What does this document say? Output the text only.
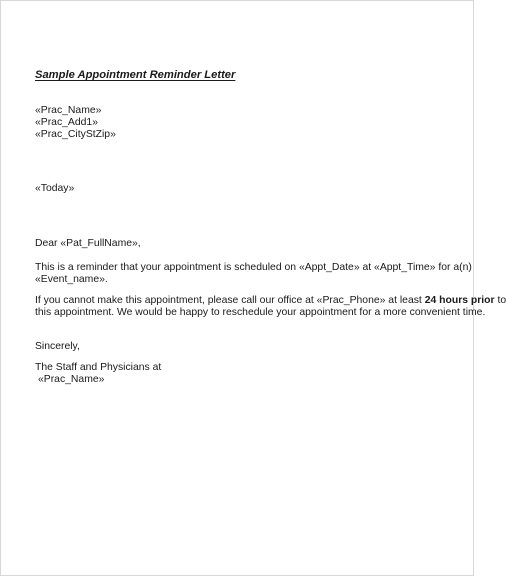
Sample Appointment Reminder Letter
«Prac_Name»
«Prac_Add1»
«Prac_CityStZip»
«Today»
Dear «Pat_FullName»,
This is a reminder that your appointment is scheduled on «Appt_Date» at «Appt_Time» for a(n)
«Event_name».
If you cannot make this appointment, please call our office at «Prac_Phone» at least 24 hours prior to
this appointment. We would be happy to reschedule your appointment for a more convenient time.
Sincerely,
The Staff and Physicians at
«Prac_Name»
